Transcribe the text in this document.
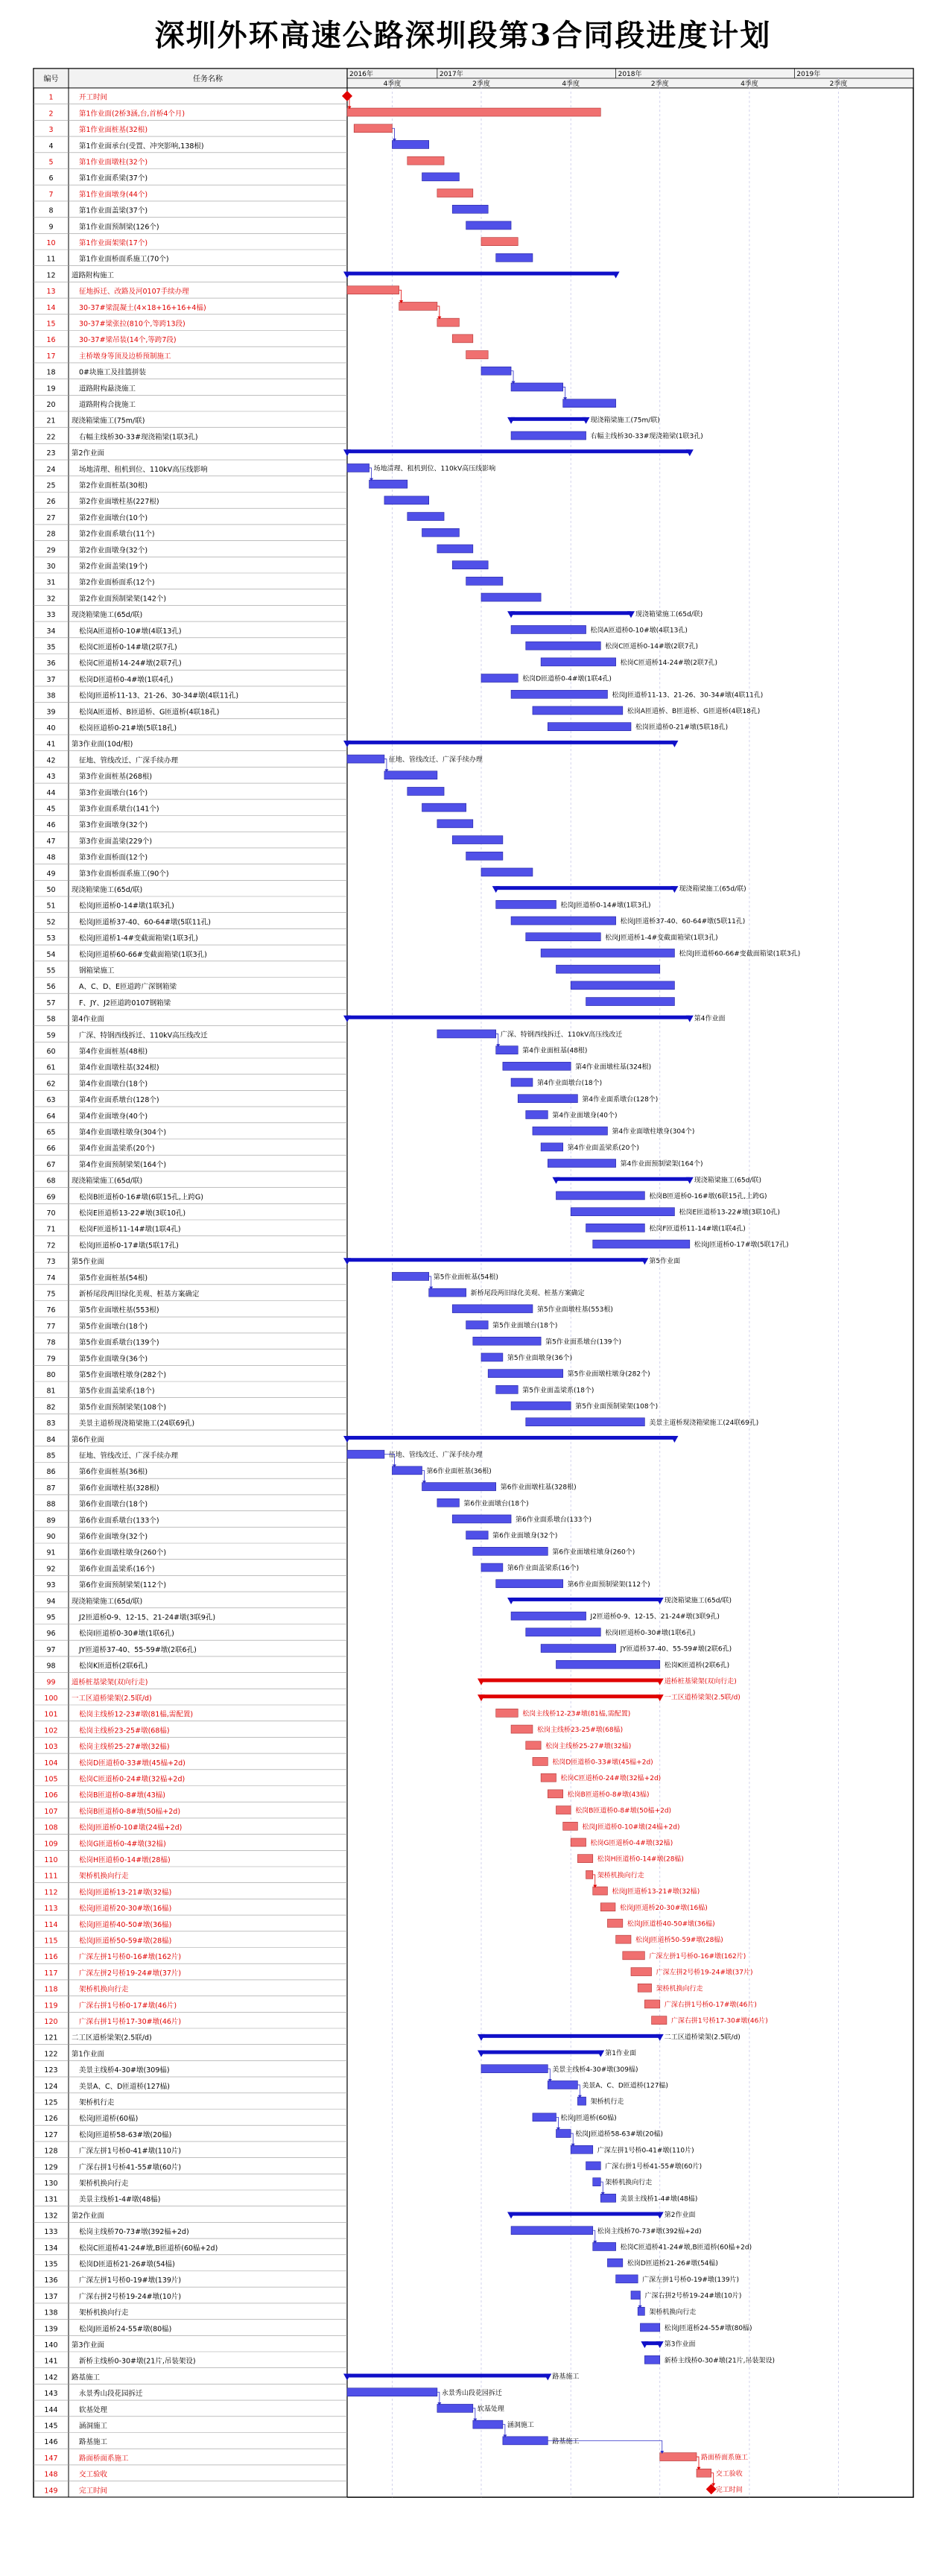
深圳外环高速公路深圳段第3合同段进度计划
编号	任务名称
2016年	2017年	2018年	2019年
4季度	2季度	4季度	2季度	4季度	2季度
1	开工时间
2	第1作业面(2桥3涵,台,首桥4个月)
3	第1作业面桩基(32根)
4	第1作业面承台(受置、冲突影响,138根)
5	第1作业面墩柱(32个)
6	第1作业面系梁(37个)
7	第1作业面墩身(44个)
8	第1作业面盖梁(37个)
9	第1作业面预制梁(126个)
10	第1作业面架梁(17个)
11	第1作业面桥面系施工(70个)
12 道路附构施工
13	征地拆迁、改路及河0107手续办理
14	30-37#梁混凝土(4×18+16+16+4榀)
15	30-37#梁张拉(810个,等跨13段)
16	30-37#梁吊装(14个,等跨7段)
17	主桥墩身等顶及边桥预制施工
18	0#块施工及挂篮拼装
19	道路附构悬浇施工
20	道路附构合拢施工
21 现浇箱梁施工(75m/联)	现浇箱梁施工(75m/联)
22	右幅主线桥30-33#现浇箱梁(1联3孔)	右幅主线桥30-33#现浇箱梁(1联3孔)
23 第2作业面
24	场地清理、租机到位、110kV高压线影响	场地清理、租机到位、110kV高压线影响
25	第2作业面桩基(30根)
26	第2作业面墩柱基(227根)
27	第2作业面墩台(10个)
28	第2作业面系墩台(11个)
29	第2作业面墩身(32个)
30	第2作业面盖梁(19个)
31	第2作业面桥面系(12个)
32	第2作业面预制梁架(142个)
33 现浇箱梁施工(65d/联)	现浇箱梁施工(65d/联)
34	松岗A匝道桥0-10#墩(4联13孔)	松岗A匝道桥0-10#墩(4联13孔)
35	松岗C匝道桥0-14#墩(2联7孔)	松岗C匝道桥0-14#墩(2联7孔)
36	松岗C匝道桥14-24#墩(2联7孔)	松岗C匝道桥14-24#墩(2联7孔)
37	松岗D匝道桥0-4#墩(1联4孔)	松岗D匝道桥0-4#墩(1联4孔)
38	松岗J匝道桥11-13、21-26、30-34#墩(4联11孔)	松岗J匝道桥11-13、21-26、30-34#墩(4联11孔)
39	松岗A匝道桥、B匝道桥、G匝道桥(4联18孔)	松岗A匝道桥、B匝道桥、G匝道桥(4联18孔)
40	松岗匝道桥0-21#墩(5联18孔)	松岗匝道桥0-21#墩(5联18孔)
41 第3作业面(10d/根)
42	征地、管线改迁、广深手续办理	征地、管线改迁、广深手续办理
43	第3作业面桩基(268根)
44	第3作业面墩台(16个)
45	第3作业面系墩台(141个)
46	第3作业面墩身(32个)
47	第3作业面盖梁(229个)
48	第3作业面桥面(12个)
49	第3作业面桥面系施工(90个)
50 现浇箱梁施工(65d/联)	现浇箱梁施工(65d/联)
51	松岗J匝道桥0-14#墩(1联3孔)	松岗J匝道桥0-14#墩(1联3孔)
52	松岗J匝道桥37-40、60-64#墩(5联11孔)	松岗J匝道桥37-40、60-64#墩(5联11孔)
53	松岗J匝道桥1-4#变截面箱梁(1联3孔)	松岗J匝道桥1-4#变截面箱梁(1联3孔)
54	松岗J匝道桥60-66#变截面箱梁(1联3孔)	松岗J匝道桥60-66#变截面箱梁(1联3孔)
55	钢箱梁施工
56	A、C、D、E匝道跨广深钢箱梁
57	F、JY、J2匝道跨0107钢箱梁
58 第4作业面	第4作业面
59	广深、特钢西线拆迁、110kV高压线改迁	广深、特钢西线拆迁、110kV高压线改迁
60	第4作业面桩基(48根)	第4作业面桩基(48根)
61	第4作业面墩柱基(324根)	第4作业面墩柱基(324根)
62	第4作业面墩台(18个)	第4作业面墩台(18个)
63	第4作业面系墩台(128个)	第4作业面系墩台(128个)
64	第4作业面墩身(40个)	第4作业面墩身(40个)
65	第4作业面墩柱墩身(304个)	第4作业面墩柱墩身(304个)
66	第4作业面盖梁系(20个)	第4作业面盖梁系(20个)
67	第4作业面预制梁架(164个)	第4作业面预制梁架(164个)
68 现浇箱梁施工(65d/联)	现浇箱梁施工(65d/联)
69	松岗B匝道桥0-16#墩(6联15孔,上跨G)	松岗B匝道桥0-16#墩(6联15孔,上跨G)
70	松岗E匝道桥13-22#墩(3联10孔)	松岗E匝道桥13-22#墩(3联10孔)
71	松岗F匝道桥11-14#墩(1联4孔)	松岗F匝道桥11-14#墩(1联4孔)
72	松岗J匝道桥0-17#墩(5联17孔)	松岗J匝道桥0-17#墩(5联17孔)
73 第5作业面	第5作业面
74	第5作业面桩基(54根)	第5作业面桩基(54根)
75	新桥尾段两旧绿化美观、桩基方案确定	新桥尾段两旧绿化美观、桩基方案确定
76	第5作业面墩柱基(553根)	第5作业面墩柱基(553根)
77	第5作业面墩台(18个)	第5作业面墩台(18个)
78	第5作业面系墩台(139个)	第5作业面系墩台(139个)
79	第5作业面墩身(36个)	第5作业面墩身(36个)
80	第5作业面墩柱墩身(282个)	第5作业面墩柱墩身(282个)
81	第5作业面盖梁系(18个)	第5作业面盖梁系(18个)
82	第5作业面预制梁架(108个)	第5作业面预制梁架(108个)
83	美景主道桥现浇箱梁施工(24联69孔)	美景主道桥现浇箱梁施工(24联69孔)
84 第6作业面
85	征地、管线改迁、广深手续办理	征地、管线改迁、广深手续办理
86	第6作业面桩基(36根)	第6作业面桩基(36根)
87	第6作业面墩柱基(328根)	第6作业面墩柱基(328根)
88	第6作业面墩台(18个)	第6作业面墩台(18个)
89	第6作业面系墩台(133个)	第6作业面系墩台(133个)
90	第6作业面墩身(32个)	第6作业面墩身(32个)
91	第6作业面墩柱墩身(260个)	第6作业面墩柱墩身(260个)
92	第6作业面盖梁系(16个)	第6作业面盖梁系(16个)
93	第6作业面预制梁架(112个)	第6作业面预制梁架(112个)
94 现浇箱梁施工(65d/联)	现浇箱梁施工(65d/联)
95	J2匝道桥0-9、12-15、21-24#墩(3联9孔)	J2匝道桥0-9、12-15、21-24#墩(3联9孔)
96	松岗I匝道桥0-30#墩(1联6孔)	松岗I匝道桥0-30#墩(1联6孔)
97	JY匝道桥37-40、55-59#墩(2联6孔)	JY匝道桥37-40、55-59#墩(2联6孔)
98	松岗K匝道桥(2联6孔)	松岗K匝道桥(2联6孔)
99 道桥桩基梁架(双向行走)	道桥桩基梁架(双向行走)
100 一工区道桥梁架(2.5联/d)	一工区道桥梁架(2.5联/d)
101	松岗主线桥12-23#墩(81榀,需配置)	松岗主线桥12-23#墩(81榀,需配置)
102	松岗主线桥23-25#墩(68榀)	松岗主线桥23-25#墩(68榀)
103	松岗主线桥25-27#墩(32榀)	松岗主线桥25-27#墩(32榀)
104	松岗D匝道桥0-33#墩(45榀+2d)	松岗D匝道桥0-33#墩(45榀+2d)
105	松岗C匝道桥0-24#墩(32榀+2d)	松岗C匝道桥0-24#墩(32榀+2d)
106	松岗B匝道桥0-8#墩(43榀)	松岗B匝道桥0-8#墩(43榀)
107	松岗B匝道桥0-8#墩(50榀+2d)	松岗B匝道桥0-8#墩(50榀+2d)
108	松岗J匝道桥0-10#墩(24榀+2d)	松岗J匝道桥0-10#墩(24榀+2d)
109	松岗G匝道桥0-4#墩(32榀)	松岗G匝道桥0-4#墩(32榀)
110	松岗H匝道桥0-14#墩(28榀)	松岗H匝道桥0-14#墩(28榀)
111	架桥机换向行走	架桥机换向行走
112	松岗J匝道桥13-21#墩(32榀)	松岗J匝道桥13-21#墩(32榀)
113	松岗J匝道桥20-30#墩(16榀)	松岗J匝道桥20-30#墩(16榀)
114	松岗J匝道桥40-50#墩(36榀)	松岗J匝道桥40-50#墩(36榀)
115	松岗J匝道桥50-59#墩(28榀)	松岗J匝道桥50-59#墩(28榀)
116	广深左拼1号桥0-16#墩(162片)	广深左拼1号桥0-16#墩(162片)
117	广深左拼2号桥19-24#墩(37片)	广深左拼2号桥19-24#墩(37片)
118	架桥机换向行走	架桥机换向行走
119	广深右拼1号桥0-17#墩(46片)	广深右拼1号桥0-17#墩(46片)
120	广深右拼1号桥17-30#墩(46片)	广深右拼1号桥17-30#墩(46片)
121 二工区道桥梁架(2.5联/d)	二工区道桥梁架(2.5联/d)
122 第1作业面	第1作业面
123	美景主线桥4-30#墩(309榀)	美景主线桥4-30#墩(309榀)
124	美景A、C、D匝道桥(127榀)	美景A、C、D匝道桥(127榀)
125	架桥机行走	架桥机行走
126	松岗J匝道桥(60榀)	松岗J匝道桥(60榀)
127	松岗J匝道桥58-63#墩(20榀)	松岗J匝道桥58-63#墩(20榀)
128	广深左拼1号桥0-41#墩(110片)	广深左拼1号桥0-41#墩(110片)
129	广深右拼1号桥41-55#墩(60片)	广深右拼1号桥41-55#墩(60片)
130	架桥机换向行走	架桥机换向行走
131	美景主线桥1-4#墩(48榀)	美景主线桥1-4#墩(48榀)
132 第2作业面	第2作业面
133	松岗主线桥70-73#墩(392榀+2d)	松岗主线桥70-73#墩(392榀+2d)
134	松岗C匝道桥41-24#墩,B匝道桥(60榀+2d)	松岗C匝道桥41-24#墩,B匝道桥(60榀+2d)
135	松岗D匝道桥21-26#墩(54榀)	松岗D匝道桥21-26#墩(54榀)
136	广深左拼1号桥0-19#墩(139片)	广深左拼1号桥0-19#墩(139片)
137	广深右拼2号桥19-24#墩(10片)	广深右拼2号桥19-24#墩(10片)
138	架桥机换向行走	架桥机换向行走
139	松岗J匝道桥24-55#墩(80榀)	松岗J匝道桥24-55#墩(80榀)
140 第3作业面	第3作业面
141	新桥主线桥0-30#墩(21片,吊装架设)	新桥主线桥0-30#墩(21片,吊装架设)
142 路基施工	路基施工
143	永景秀山段花园拆迁	永景秀山段花园拆迁
144	软基处理	软基处理
145	涵洞施工	涵洞施工
146	路基施工	路基施工
147	路面桥面系施工	路面桥面系施工
148	交工验收	交工验收
149	完工时间	完工时间
